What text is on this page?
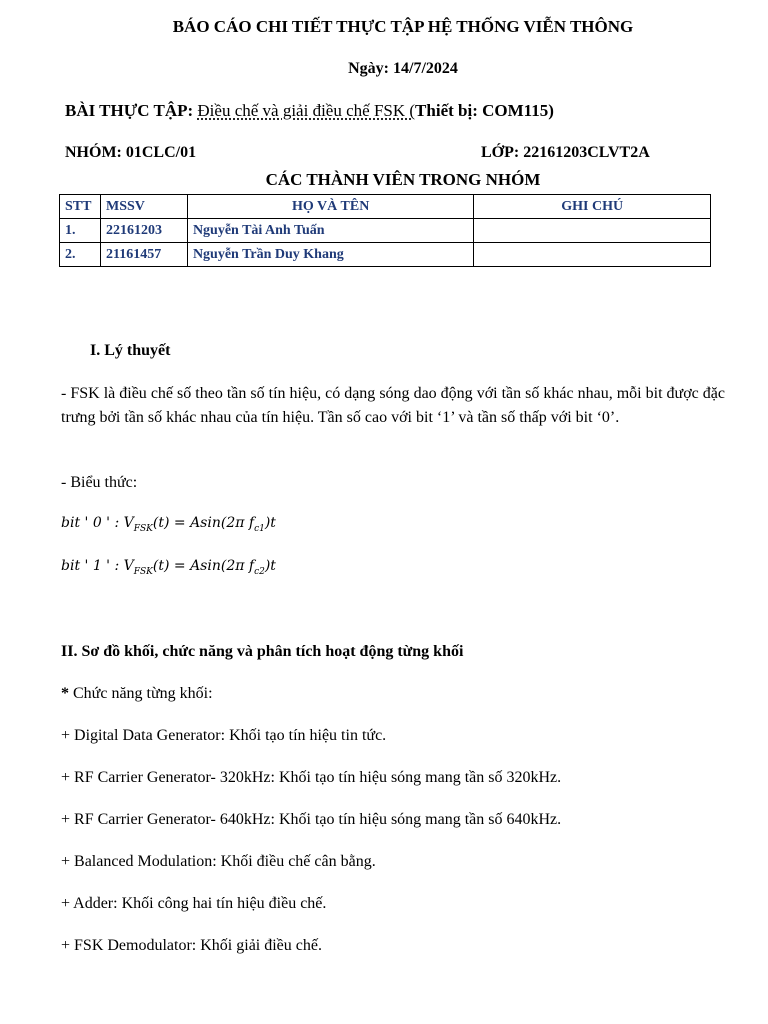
BÁO CÁO CHI TIẾT THỰC TẬP HỆ THỐNG VIỄN THÔNG
Ngày: 14/7/2024
BÀI THỰC TẬP: Điều chế và giải điều chế FSK (Thiết bị: COM115)
NHÓM: 01CLC/01	LỚP: 22161203CLVT2A
CÁC THÀNH VIÊN TRONG NHÓM
STT	MSSV	HỌ VÀ TÊN	GHI CHÚ
1.	22161203	Nguyễn Tài Anh Tuấn	
2.	21161457	Nguyễn Trần Duy Khang	
I. Lý thuyết
- FSK là điều chế số theo tần số tín hiệu, có dạng sóng dao động với tần số khác nhau, mỗi bit được đặc trưng bởi tần số khác nhau của tín hiệu. Tần số cao với bit ‘1’ và tần số thấp với bit ‘0’.
- Biểu thức:
bit ' 0 ' : $V_{FSK}(t) = Asin(2\pi$ $f_{c1})t$
bit ' 1 ' : $V_{FSK}(t) = Asin(2\pi$ $f_{c2})t$
II. Sơ đồ khối, chức năng và phân tích hoạt động từng khối
* Chức năng từng khối:
+ Digital Data Generator: Khối tạo tín hiệu tin tức.
+ RF Carrier Generator- 320kHz: Khối tạo tín hiệu sóng mang tần số 320kHz.
+ RF Carrier Generator- 640kHz: Khối tạo tín hiệu sóng mang tần số 640kHz.
+ Balanced Modulation: Khối điều chế cân bằng.
+ Adder: Khối công hai tín hiệu điều chế.
+ FSK Demodulator: Khối giải điều chế.
